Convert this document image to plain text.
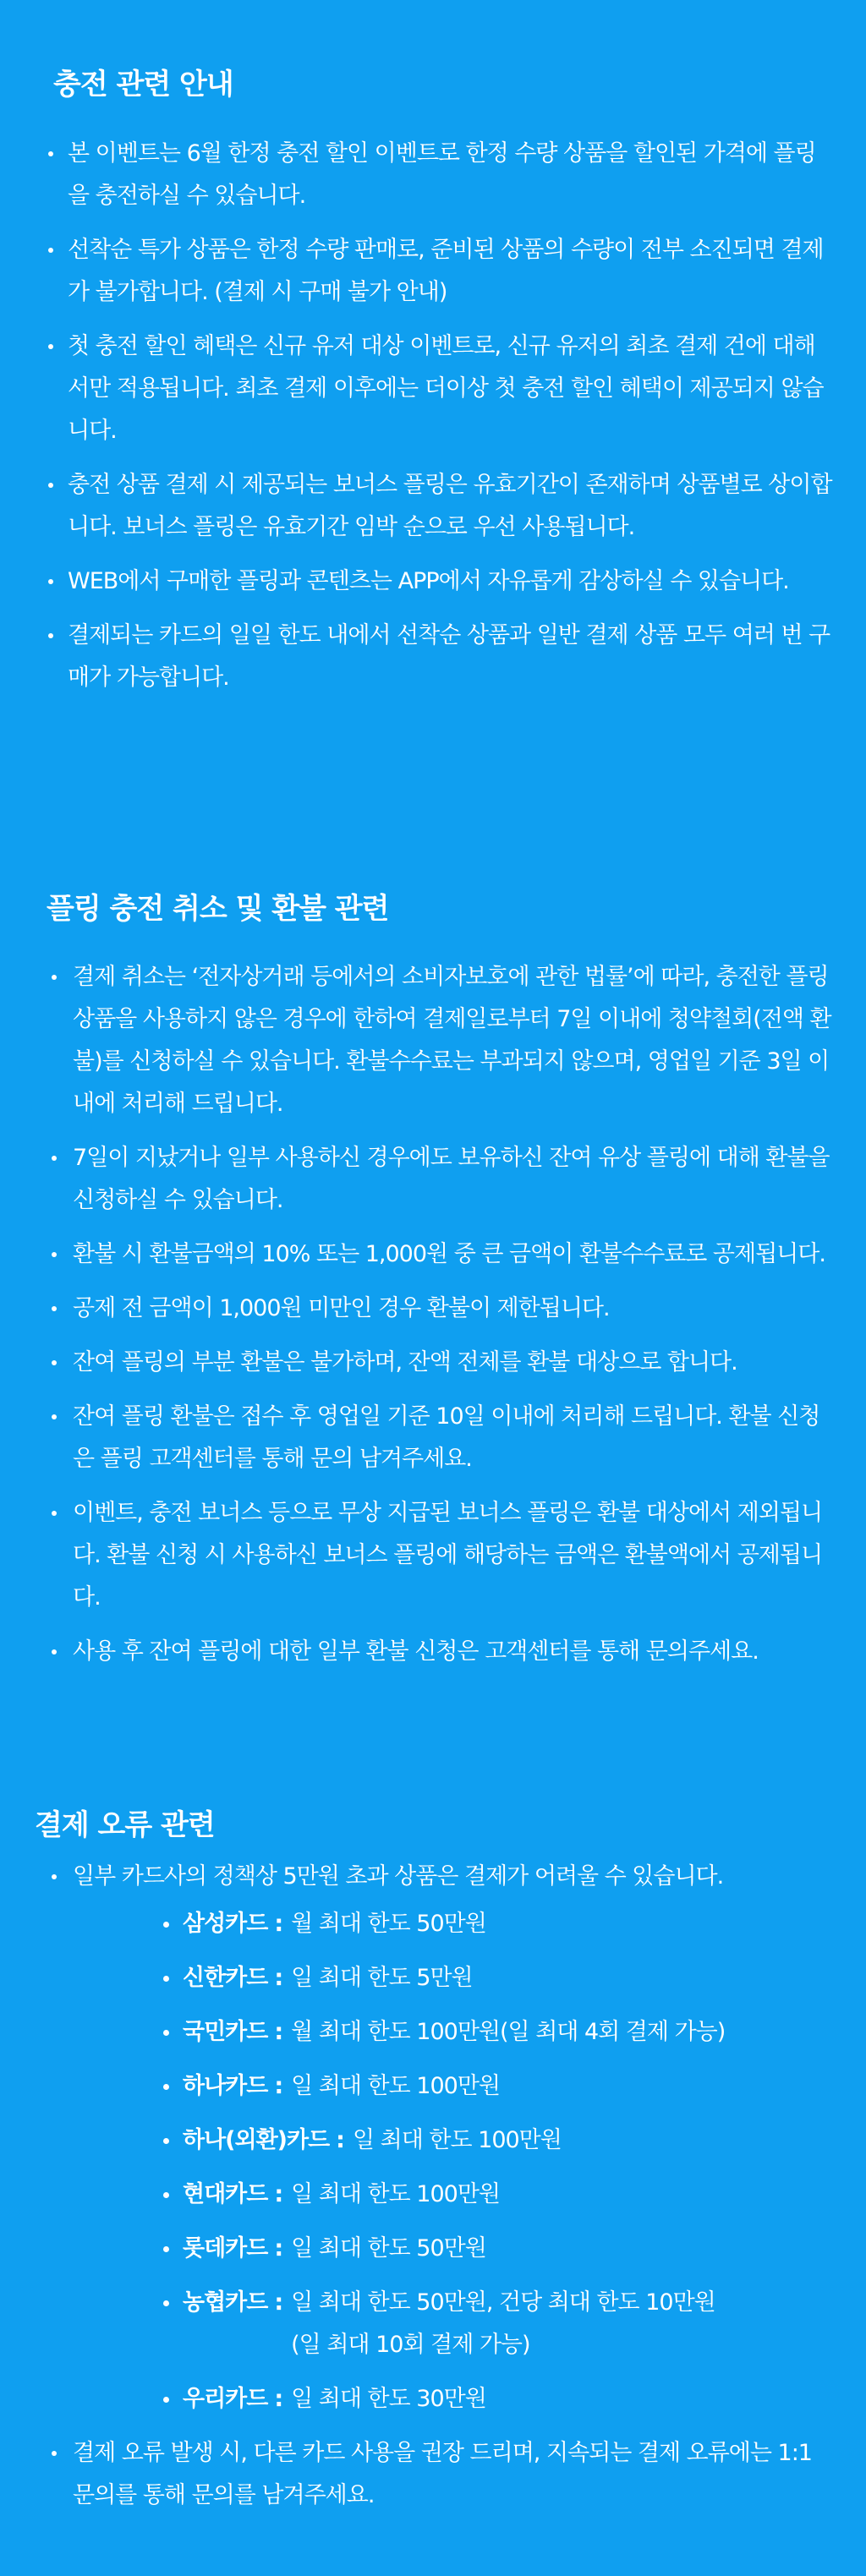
충전 관련 안내
본 이벤트는 6월 한정 충전 할인 이벤트로 한정 수량 상품을 할인된 가격에 플링을 충전하실 수 있습니다.
선착순 특가 상품은 한정 수량 판매로, 준비된 상품의 수량이 전부 소진되면 결제가 불가합니다. (결제 시 구매 불가 안내)
첫 충전 할인 혜택은 신규 유저 대상 이벤트로, 신규 유저의 최초 결제 건에 대해서만 적용됩니다. 최초 결제 이후에는 더이상 첫 충전 할인 혜택이 제공되지 않습니다.
충전 상품 결제 시 제공되는 보너스 플링은 유효기간이 존재하며 상품별로 상이합니다. 보너스 플링은 유효기간 임박 순으로 우선 사용됩니다.
WEB에서 구매한 플링과 콘텐츠는 APP에서 자유롭게 감상하실 수 있습니다.
결제되는 카드의 일일 한도 내에서 선착순 상품과 일반 결제 상품 모두 여러 번 구매가 가능합니다.
플링 충전 취소 및 환불 관련
결제 취소는 ‘전자상거래 등에서의 소비자보호에 관한 법률’에 따라, 충전한 플링 상품을 사용하지 않은 경우에 한하여 결제일로부터 7일 이내에 청약철회(전액 환불)를 신청하실 수 있습니다. 환불수수료는 부과되지 않으며, 영업일 기준 3일 이내에 처리해 드립니다.
7일이 지났거나 일부 사용하신 경우에도 보유하신 잔여 유상 플링에 대해 환불을 신청하실 수 있습니다.
환불 시 환불금액의 10% 또는 1,000원 중 큰 금액이 환불수수료로 공제됩니다.
공제 전 금액이 1,000원 미만인 경우 환불이 제한됩니다.
잔여 플링의 부분 환불은 불가하며, 잔액 전체를 환불 대상으로 합니다.
잔여 플링 환불은 접수 후 영업일 기준 10일 이내에 처리해 드립니다. 환불 신청은 플링 고객센터를 통해 문의 남겨주세요.
이벤트, 충전 보너스 등으로 무상 지급된 보너스 플링은 환불 대상에서 제외됩니다. 환불 신청 시 사용하신 보너스 플링에 해당하는 금액은 환불액에서 공제됩니다.
사용 후 잔여 플링에 대한 일부 환불 신청은 고객센터를 통해 문의주세요.
결제 오류 관련
일부 카드사의 정책상 5만원 초과 상품은 결제가 어려울 수 있습니다.
삼성카드 : 월 최대 한도 50만원
신한카드 : 일 최대 한도 5만원
국민카드 : 월 최대 한도 100만원(일 최대 4회 결제 가능)
하나카드 : 일 최대 한도 100만원
하나(외환)카드 : 일 최대 한도 100만원
현대카드 : 일 최대 한도 100만원
롯데카드 : 일 최대 한도 50만원
농협카드 : 일 최대 한도 50만원, 건당 최대 한도 10만원
(일 최대 10회 결제 가능)
우리카드 : 일 최대 한도 30만원
결제 오류 발생 시, 다른 카드 사용을 권장 드리며, 지속되는 결제 오류에는 1:1 문의를 통해 문의를 남겨주세요.
